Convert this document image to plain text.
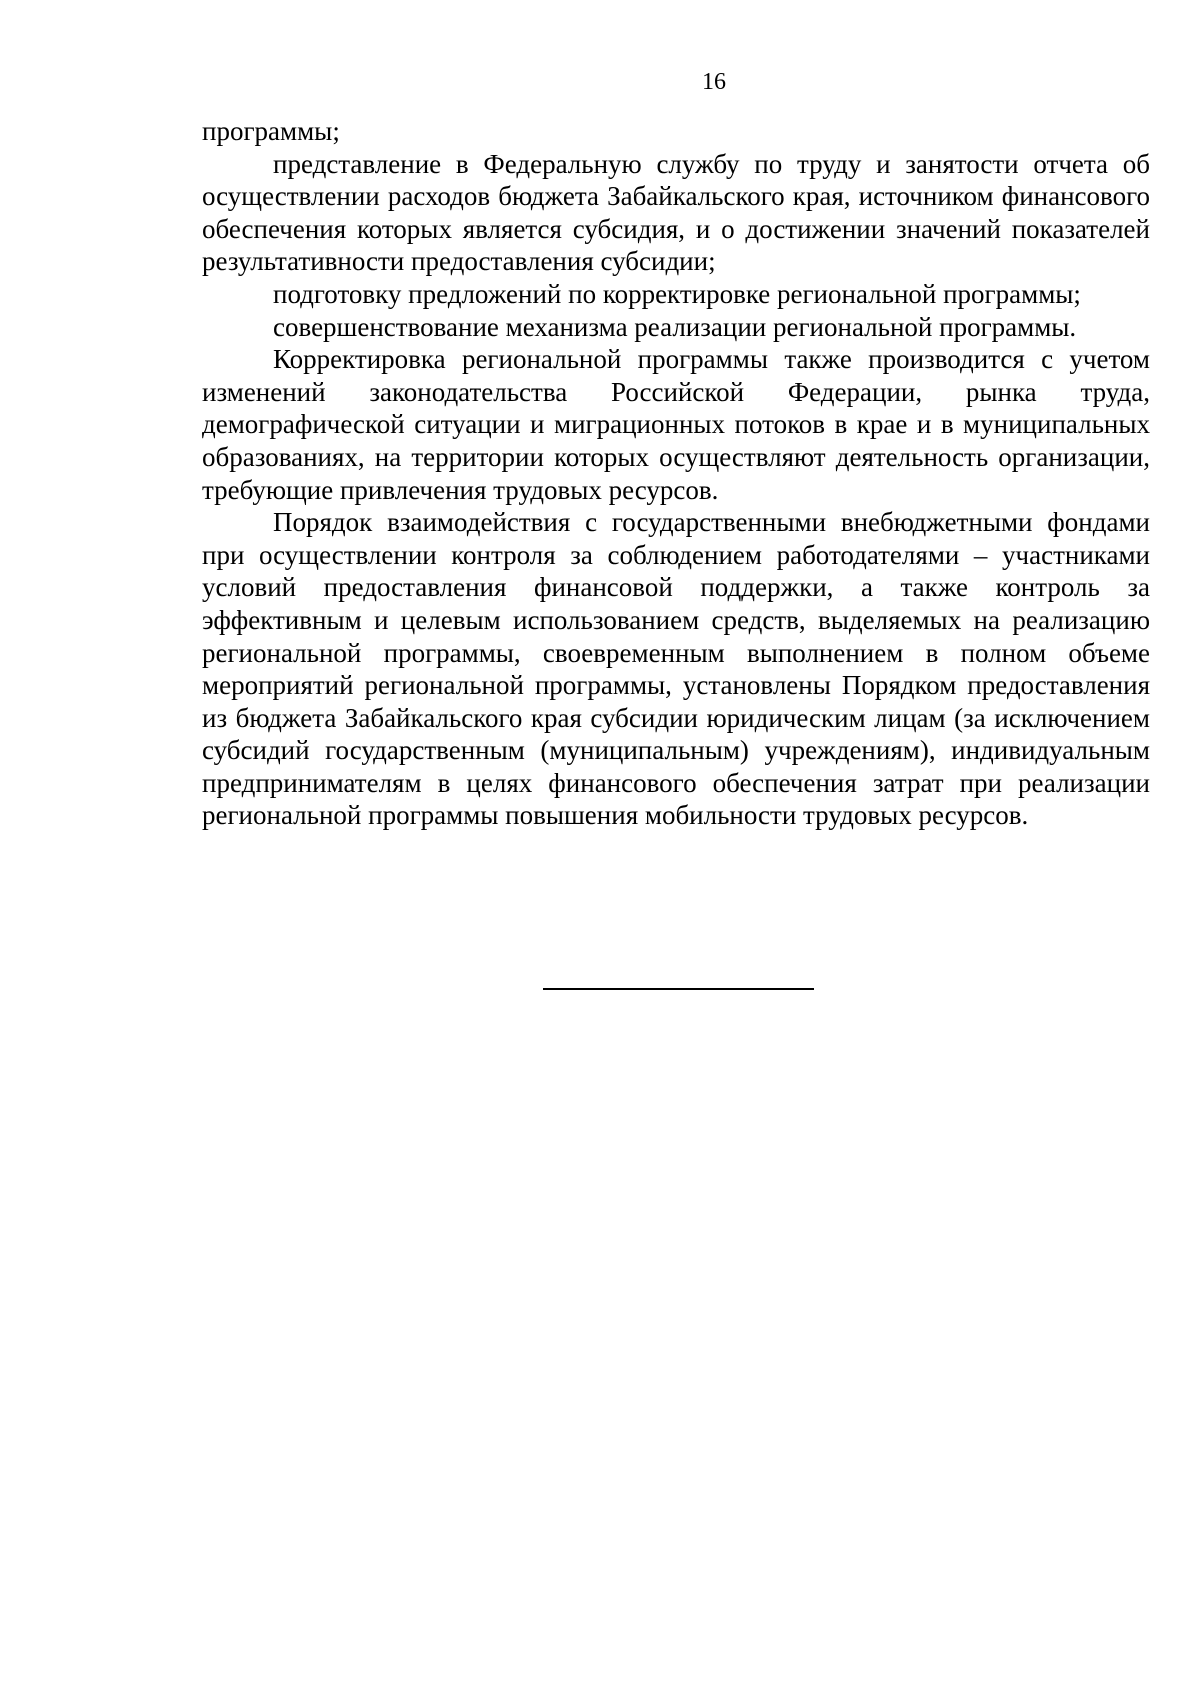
16

программы;

представление в Федеральную службу по труду и занятости отчета об осуществлении расходов бюджета Забайкальского края, источником финансового обеспечения которых является субсидия, и о достижении значений показателей результативности предоставления субсидии;

подготовку предложений по корректировке региональной программы;

совершенствование механизма реализации региональной программы.

Корректировка региональной программы также производится с учетом изменений законодательства Российской Федерации, рынка труда, демографической ситуации и миграционных потоков в крае и в муниципальных образованиях, на территории которых осуществляют деятельность организации, требующие привлечения трудовых ресурсов.

Порядок взаимодействия с государственными внебюджетными фондами при осуществлении контроля за соблюдением работодателями – участниками условий предоставления финансовой поддержки, а также контроль за эффективным и целевым использованием средств, выделяемых на реализацию региональной программы, своевременным выполнением в полном объеме мероприятий региональной программы, установлены Порядком предоставления из бюджета Забайкальского края субсидии юридическим лицам (за исключением субсидий государственным (муниципальным) учреждениям), индивидуальным предпринимателям в целях финансового обеспечения затрат при реализации региональной программы повышения мобильности трудовых ресурсов.
